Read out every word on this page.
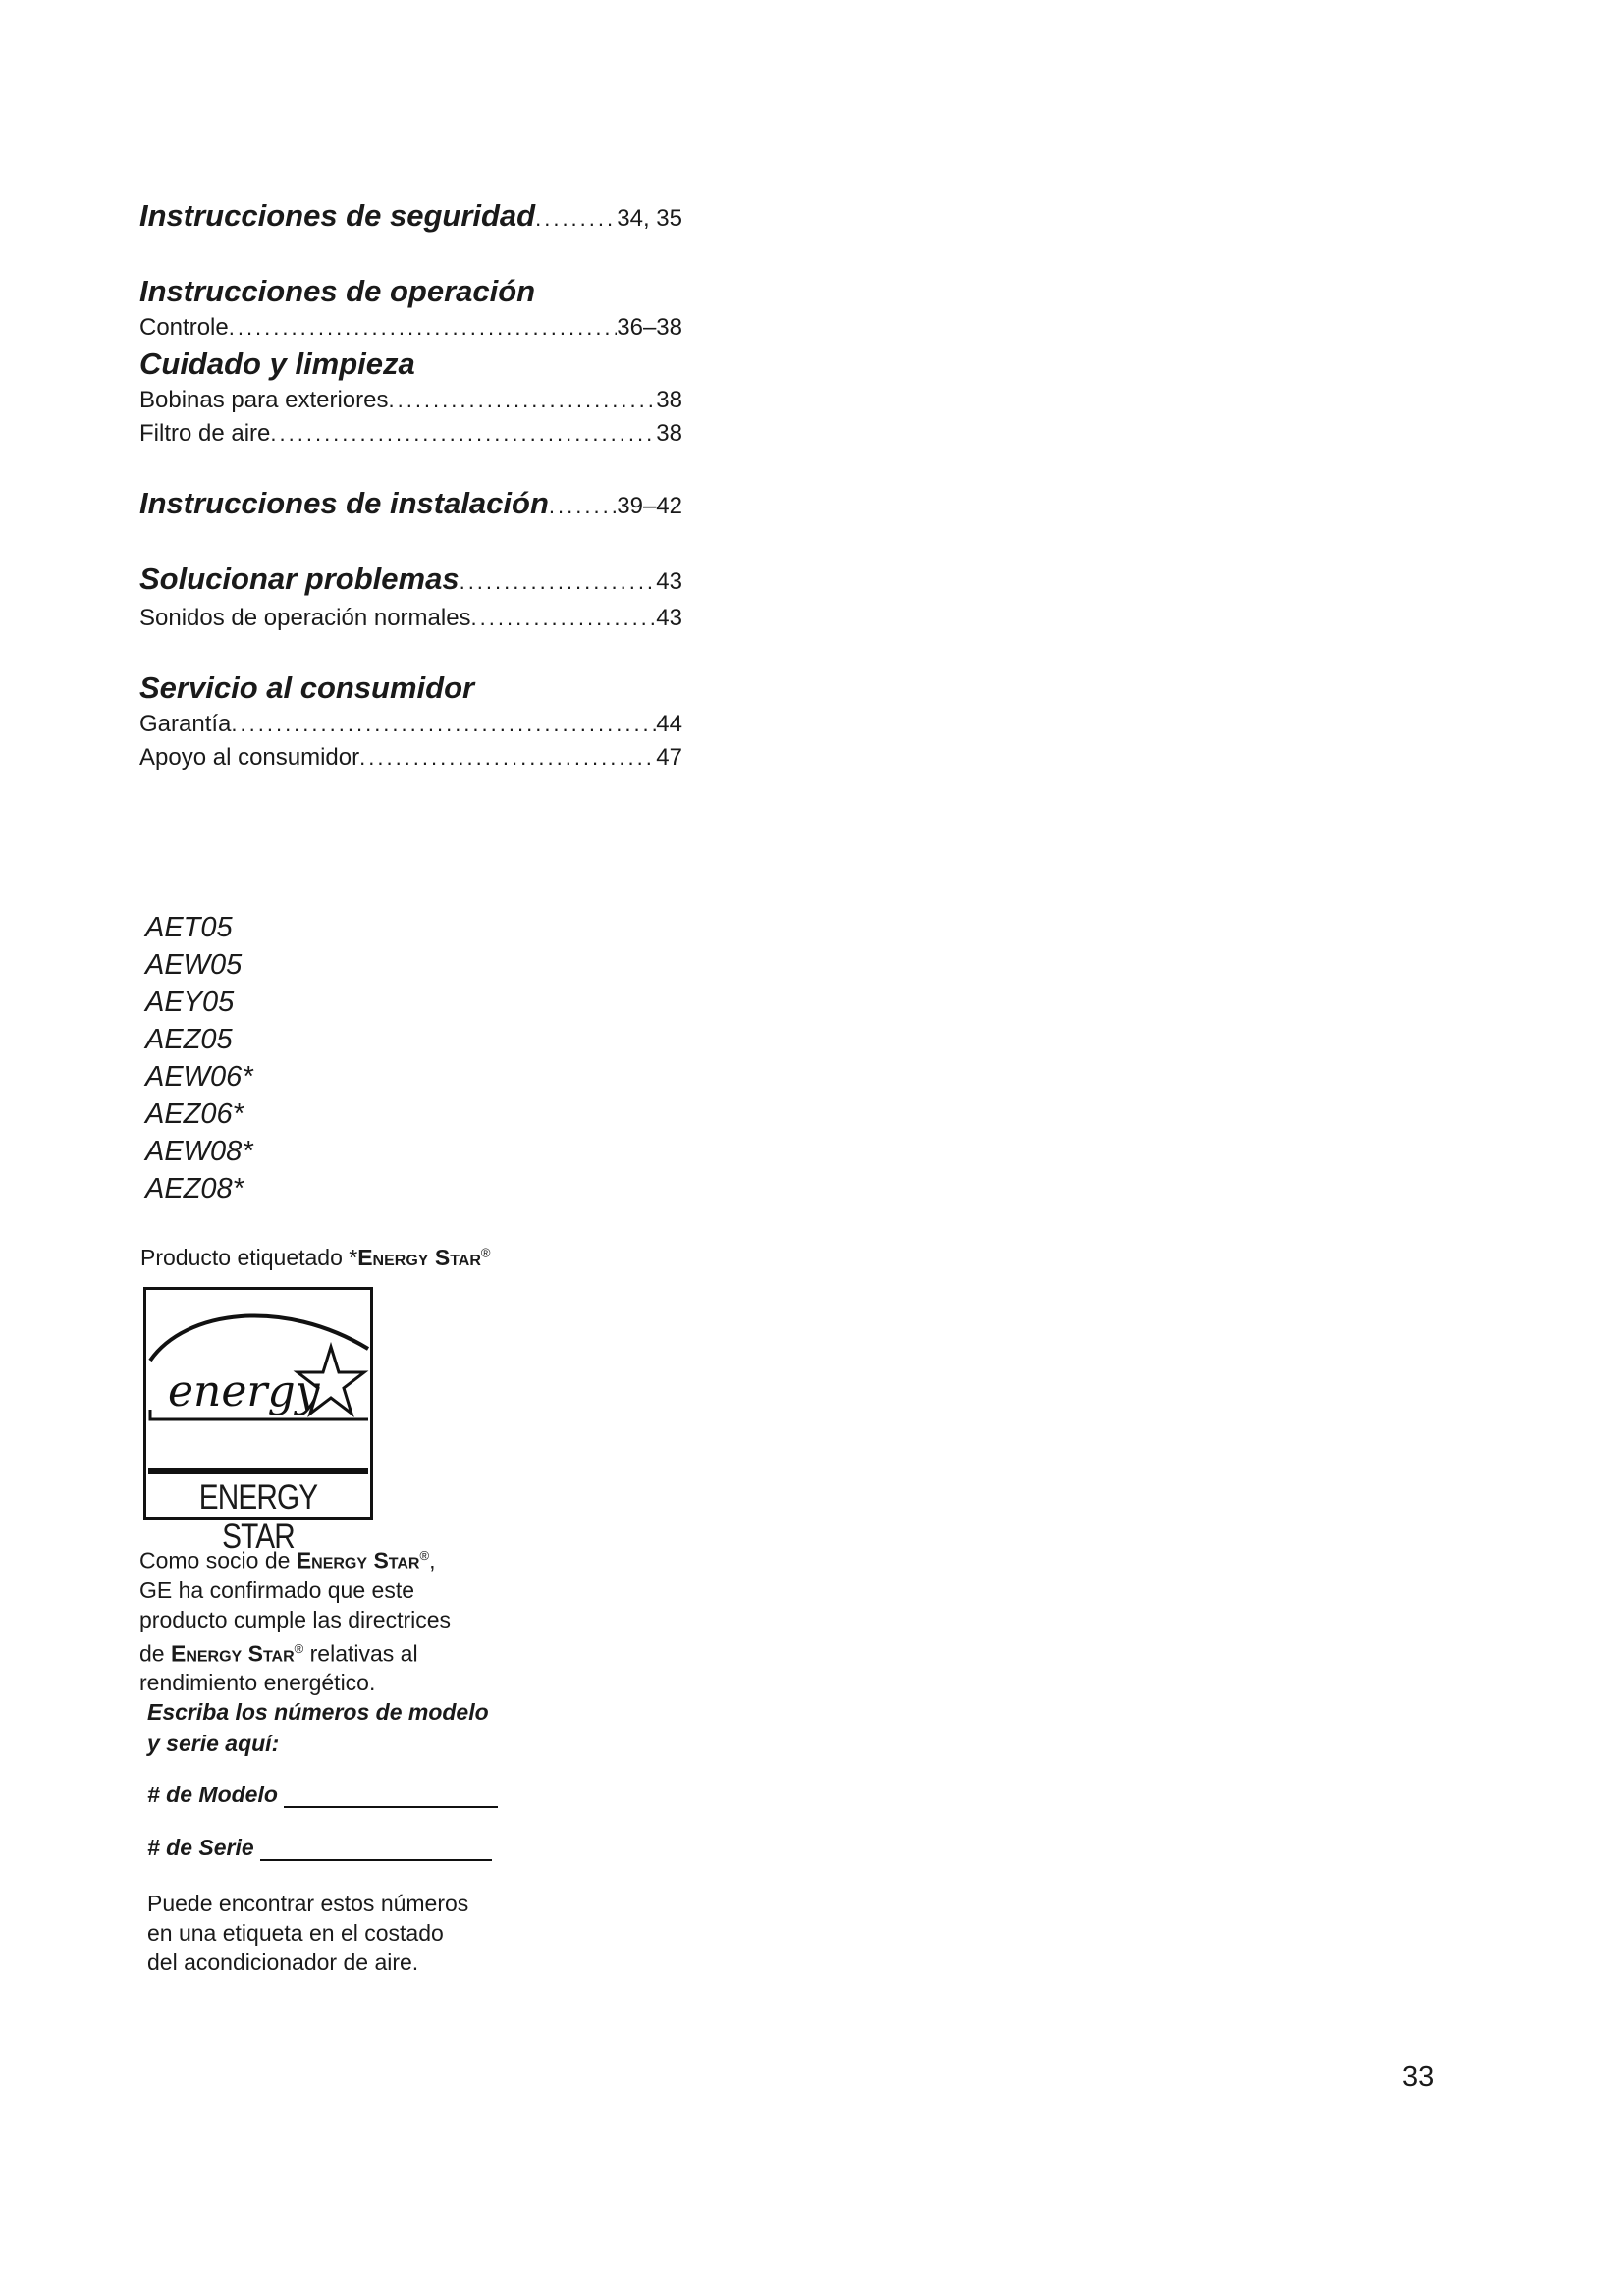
Instrucciones de seguridad .....	34, 35
Instrucciones de operación
Controle .....	36–38
Cuidado y limpieza
Bobinas para exteriores .....	38
Filtro de aire .....	38
Instrucciones de instalación .....	39–42
Solucionar problemas .....	43
Sonidos de operación normales .....	43
Servicio al consumidor
Garantía .....	44
Apoyo al consumidor .....	47
AET05
AEW05
AEY05
AEZ05
AEW06*
AEZ06*
AEW08*
AEZ08*
Producto etiquetado *Energy Star®
energy
ENERGY STAR
Como socio de Energy Star®,
GE ha confirmado que este
producto cumple las directrices
de Energy Star® relativas al
rendimiento energético.
Escriba los números de modelo
y serie aquí:
# de Modelo
# de Serie
Puede encontrar estos números
en una etiqueta en el costado
del acondicionador de aire.
33
